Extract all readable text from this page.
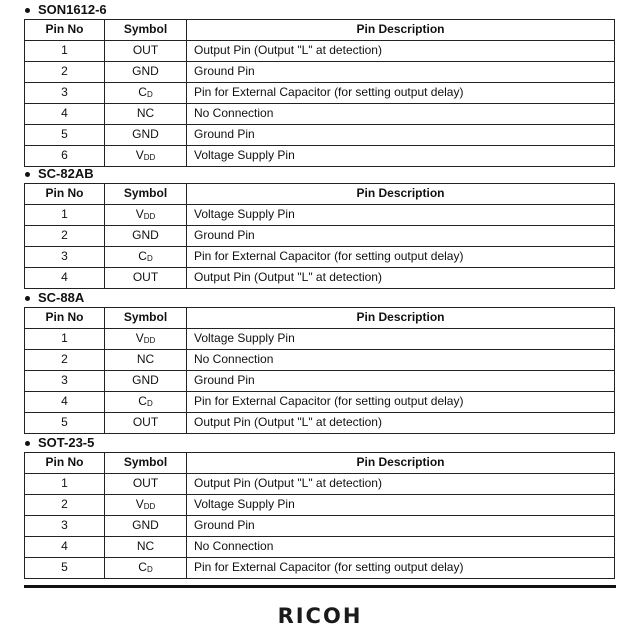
SON1612-6
Pin No	Symbol	Pin Description
1	OUT	Output Pin (Output "L" at detection)
2	GND	Ground Pin
3	CD	Pin for External Capacitor (for setting output delay)
4	NC	No Connection
5	GND	Ground Pin
6	VDD	Voltage Supply Pin
SC-82AB
Pin No	Symbol	Pin Description
1	VDD	Voltage Supply Pin
2	GND	Ground Pin
3	CD	Pin for External Capacitor (for setting output delay)
4	OUT	Output Pin (Output "L" at detection)
SC-88A
Pin No	Symbol	Pin Description
1	VDD	Voltage Supply Pin
2	NC	No Connection
3	GND	Ground Pin
4	CD	Pin for External Capacitor (for setting output delay)
5	OUT	Output Pin (Output "L" at detection)
SOT-23-5
Pin No	Symbol	Pin Description
1	OUT	Output Pin (Output "L" at detection)
2	VDD	Voltage Supply Pin
3	GND	Ground Pin
4	NC	No Connection
5	CD	Pin for External Capacitor (for setting output delay)
RICOH
